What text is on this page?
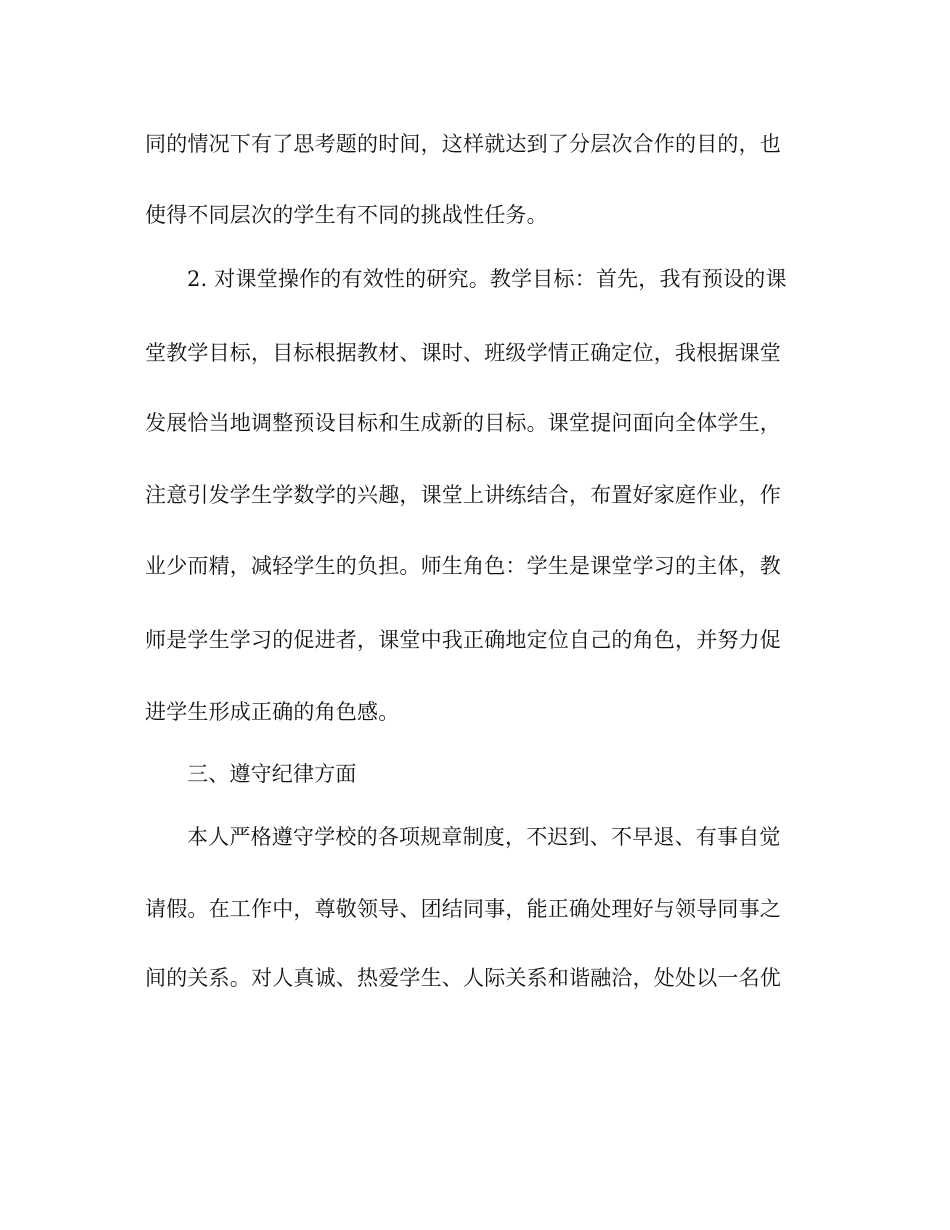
同的情况下有了思考题的时间，这样就达到了分层次合作的目的，也
使得不同层次的学生有不同的挑战性任务。
2. 对课堂操作的有效性的研究。教学目标：首先，我有预设的课
堂教学目标，目标根据教材、课时、班级学情正确定位，我根据课堂
发展恰当地调整预设目标和生成新的目标。课堂提问面向全体学生，
注意引发学生学数学的兴趣，课堂上讲练结合，布置好家庭作业，作
业少而精，减轻学生的负担。师生角色：学生是课堂学习的主体，教
师是学生学习的促进者，课堂中我正确地定位自己的角色，并努力促
进学生形成正确的角色感。
三、遵守纪律方面
本人严格遵守学校的各项规章制度，不迟到、不早退、有事自觉
请假。在工作中，尊敬领导、团结同事，能正确处理好与领导同事之
间的关系。对人真诚、热爱学生、人际关系和谐融洽，处处以一名优
